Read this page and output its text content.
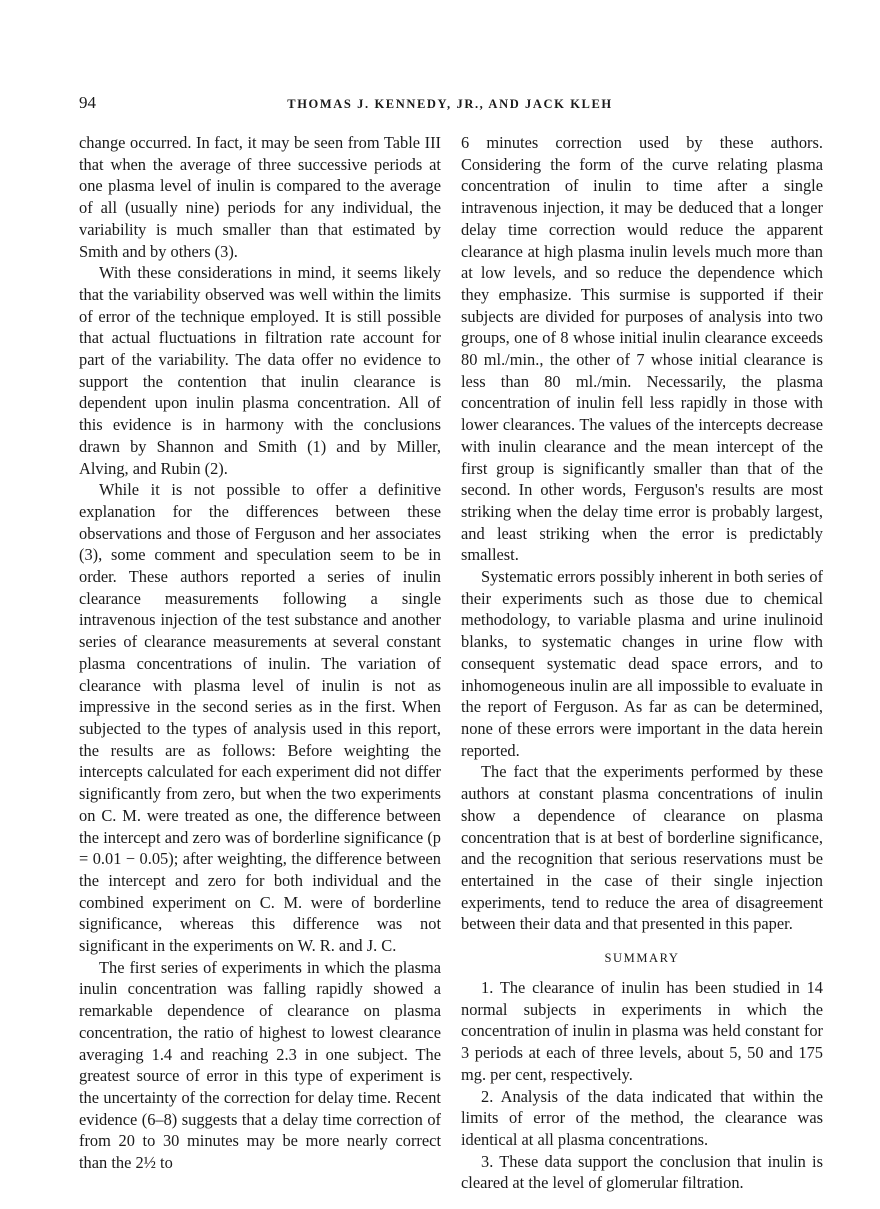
94	THOMAS J. KENNEDY, JR., AND JACK KLEH

change occurred. In fact, it may be seen from Table III that when the average of three successive periods at one plasma level of inulin is compared to the average of all (usually nine) periods for any individual, the variability is much smaller than that estimated by Smith and by others (3).

With these considerations in mind, it seems likely that the variability observed was well within the limits of error of the technique employed. It is still possible that actual fluctuations in filtration rate account for part of the variability. The data offer no evidence to support the contention that inulin clearance is dependent upon inulin plasma concentration. All of this evidence is in harmony with the conclusions drawn by Shannon and Smith (1) and by Miller, Alving, and Rubin (2).

While it is not possible to offer a definitive explanation for the differences between these observations and those of Ferguson and her associates (3), some comment and speculation seem to be in order. These authors reported a series of inulin clearance measurements following a single intravenous injection of the test substance and another series of clearance measurements at several constant plasma concentrations of inulin. The variation of clearance with plasma level of inulin is not as impressive in the second series as in the first. When subjected to the types of analysis used in this report, the results are as follows: Before weighting the intercepts calculated for each experiment did not differ significantly from zero, but when the two experiments on C. M. were treated as one, the difference between the intercept and zero was of borderline significance (p = 0.01 − 0.05); after weighting, the difference between the intercept and zero for both individual and the combined experiment on C. M. were of borderline significance, whereas this difference was not significant in the experiments on W. R. and J. C.

The first series of experiments in which the plasma inulin concentration was falling rapidly showed a remarkable dependence of clearance on plasma concentration, the ratio of highest to lowest clearance averaging 1.4 and reaching 2.3 in one subject. The greatest source of error in this type of experiment is the uncertainty of the correction for delay time. Recent evidence (6–8) suggests that a delay time correction of from 20 to 30 minutes may be more nearly correct than the 2½ to

6 minutes correction used by these authors. Considering the form of the curve relating plasma concentration of inulin to time after a single intravenous injection, it may be deduced that a longer delay time correction would reduce the apparent clearance at high plasma inulin levels much more than at low levels, and so reduce the dependence which they emphasize. This surmise is supported if their subjects are divided for purposes of analysis into two groups, one of 8 whose initial inulin clearance exceeds 80 ml./min., the other of 7 whose initial clearance is less than 80 ml./min. Necessarily, the plasma concentration of inulin fell less rapidly in those with lower clearances. The values of the intercepts decrease with inulin clearance and the mean intercept of the first group is significantly smaller than that of the second. In other words, Ferguson's results are most striking when the delay time error is probably largest, and least striking when the error is predictably smallest.

Systematic errors possibly inherent in both series of their experiments such as those due to chemical methodology, to variable plasma and urine inulinoid blanks, to systematic changes in urine flow with consequent systematic dead space errors, and to inhomogeneous inulin are all impossible to evaluate in the report of Ferguson. As far as can be determined, none of these errors were important in the data herein reported.

The fact that the experiments performed by these authors at constant plasma concentrations of inulin show a dependence of clearance on plasma concentration that is at best of borderline significance, and the recognition that serious reservations must be entertained in the case of their single injection experiments, tend to reduce the area of disagreement between their data and that presented in this paper.

SUMMARY

1. The clearance of inulin has been studied in 14 normal subjects in experiments in which the concentration of inulin in plasma was held constant for 3 periods at each of three levels, about 5, 50 and 175 mg. per cent, respectively.

2. Analysis of the data indicated that within the limits of error of the method, the clearance was identical at all plasma concentrations.

3. These data support the conclusion that inulin is cleared at the level of glomerular filtration.
